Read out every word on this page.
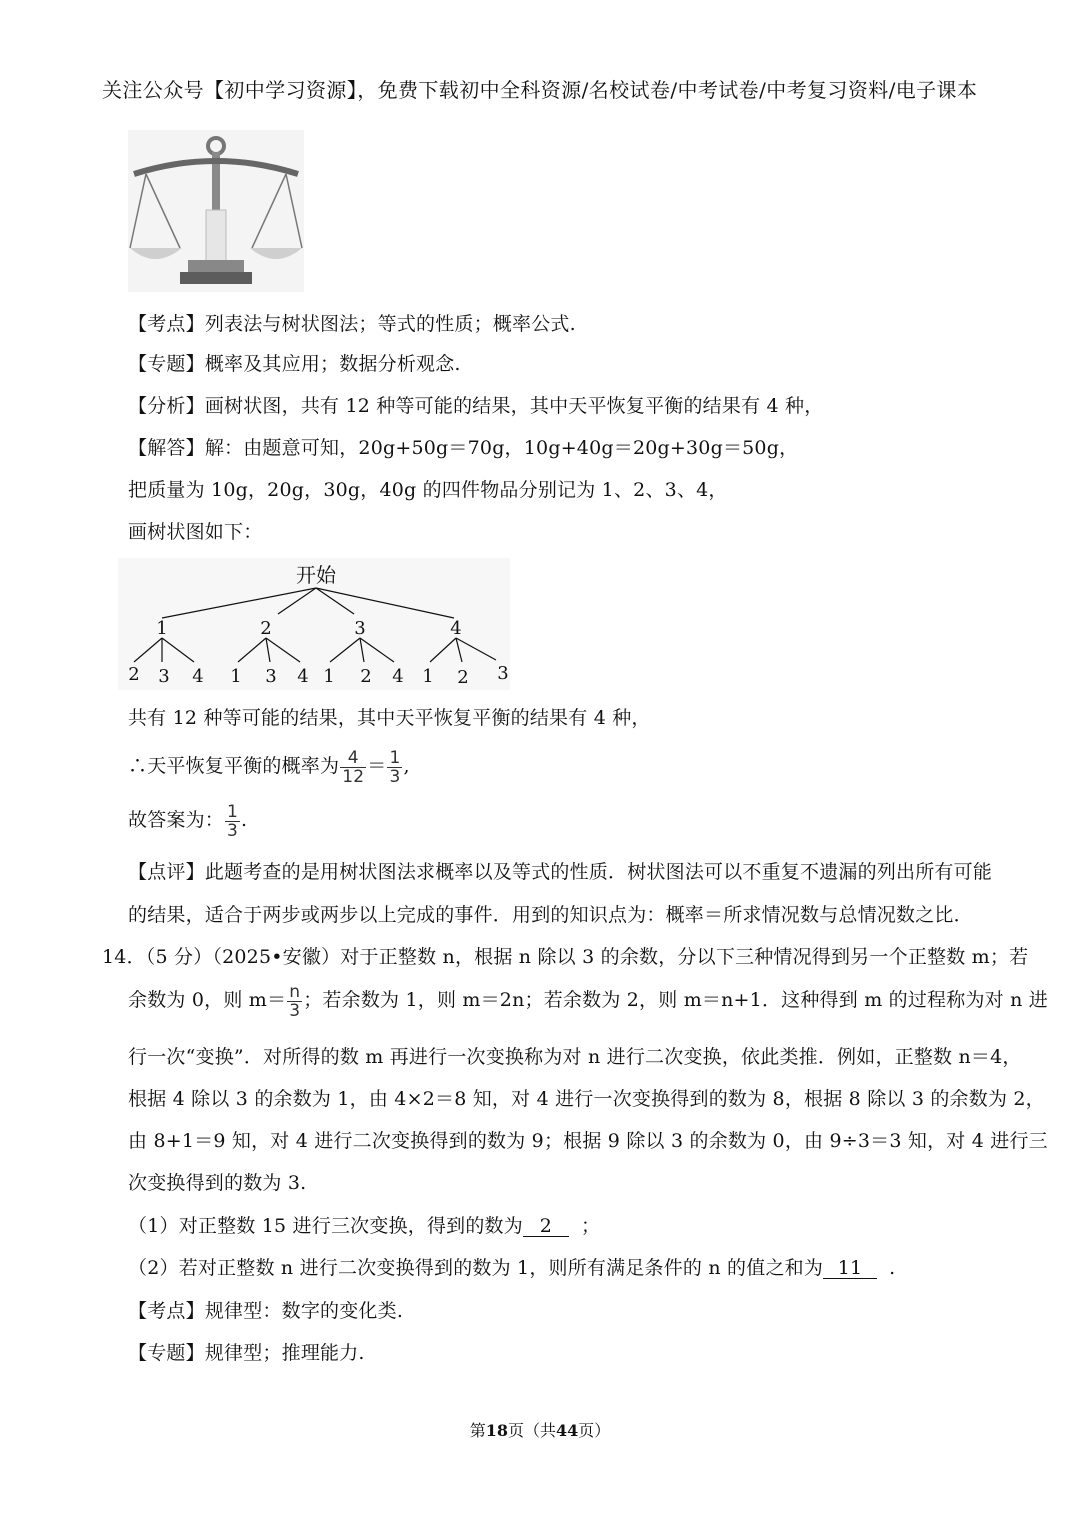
关注公众号【初中学习资源】，免费下载初中全科资源/名校试卷/中考试卷/中考复习资料/电子课本
【考点】列表法与树状图法；等式的性质；概率公式.
【专题】概率及其应用；数据分析观念.
【分析】画树状图，共有 12 种等可能的结果，其中天平恢复平衡的结果有 4 种，
【解答】解：由题意可知，20g+50g＝70g，10g+40g＝20g+30g＝50g，
把质量为 10g，20g，30g，40g 的四件物品分别记为 1、2、3、4，
画树状图如下：
开始
1	2	3	4
2 3 4 1 3 4 1 2 4 1 2 3
共有 12 种等可能的结果，其中天平恢复平衡的结果有 4 种，
∴天平恢复平衡的概率为 $\frac{4}{12} = \frac{1}{3}$ ,
故答案为： $\frac{1}{3}$ .
【点评】此题考查的是用树状图法求概率以及等式的性质．树状图法可以不重复不遗漏的列出所有可能
的结果，适合于两步或两步以上完成的事件．用到的知识点为：概率＝所求情况数与总情况数之比．
14．（5 分）（2025•安徽）对于正整数 n，根据 n 除以 3 的余数，分以下三种情况得到另一个正整数 m；若
余数为 0，则 $m= \frac{n}{3}$ ；若余数为 1，则 m＝2n；若余数为 2，则 m＝n+1．这种得到 m 的过程称为对 n 进
行一次“变换”．对所得的数 m 再进行一次变换称为对 n 进行二次变换，依此类推．例如，正整数 n＝4，
根据 4 除以 3 的余数为 1，由 4×2＝8 知，对 4 进行一次变换得到的数为 8，根据 8 除以 3 的余数为 2，
由 8+1＝9 知，对 4 进行二次变换得到的数为 9；根据 9 除以 3 的余数为 0，由 9÷3＝3 知，对 4 进行三
次变换得到的数为 3.
（1）对正整数 15 进行三次变换，得到的数为 2 ；
（2）若对正整数 n 进行二次变换得到的数为 1，则所有满足条件的 n 的值之和为 11 .
【考点】规律型：数字的变化类.
【专题】规律型；推理能力.
第18页（共44页）
